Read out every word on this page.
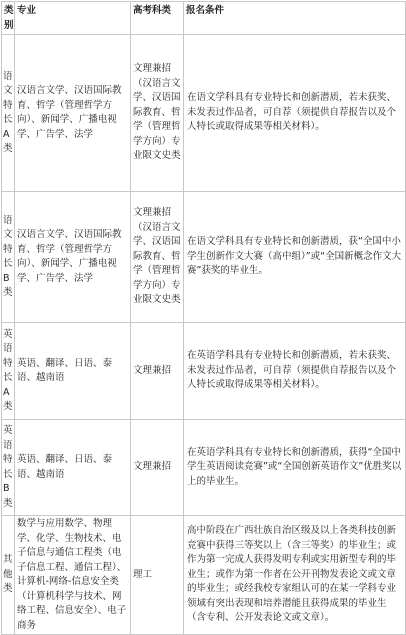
类别	专业	高考科类	报名条件
语文特长A类	汉语言文学、汉语国际教育、哲学（管理哲学方向）、新闻学、广播电视学、广告学、法学	文理兼招（汉语言文学、汉语国际教育、哲学（管理哲学方向）专业限文史类	在语文学科具有专业特长和创新潜质，若未获奖、未发表过作品者，可自荐（须提供自荐报告以及个人特长或取得成果等相关材料）。
语文特长B类	汉语言文学、汉语国际教育、哲学（管理哲学方向）、新闻学、广播电视学、广告学、法学	文理兼招（汉语言文学、汉语国际教育、哲学（管理哲学方向）专业限文史类	在语文学科具有专业特长和创新潜质，获“全国中小学生创新作文大赛（高中组）”或“全国新概念作文大赛”获奖的毕业生。
英语特长A类	英语、翻译、日语、泰语、越南语	文理兼招	在英语学科具有专业特长和创新潜质，若未获奖、未发表过作品者，可自荐（须提供自荐报告以及个人特长或取得成果等相关材料）。
英语特长B类	英语、翻译、日语、泰语、越南语	文理兼招	在英语学科具有专业特长和创新潜质，获得“全国中学生英语阅读竞赛”或“全国创新英语作文”优胜奖以上的毕业生。
其他类	数学与应用数学、物理学、化学、生物技术、电子信息与通信工程类（电子信息工程、通信工程）、计算机-网络-信息安全类（计算机科学与技术、网络工程、信息安全）、电子商务	理工	高中阶段在广西壮族自治区级及以上各类科技创新竞赛中获得三等奖以上（含三等奖）的毕业生；或作为第一完成人获得发明专利或实用新型专利的毕业生；或作为第一作者在公开刊物发表论文或文章的毕业生；或经我校专家组认可的在某一学科专业领域有突出表现和培养潜能且获得成果的毕业生（含专利、公开发表论文或文章）。
